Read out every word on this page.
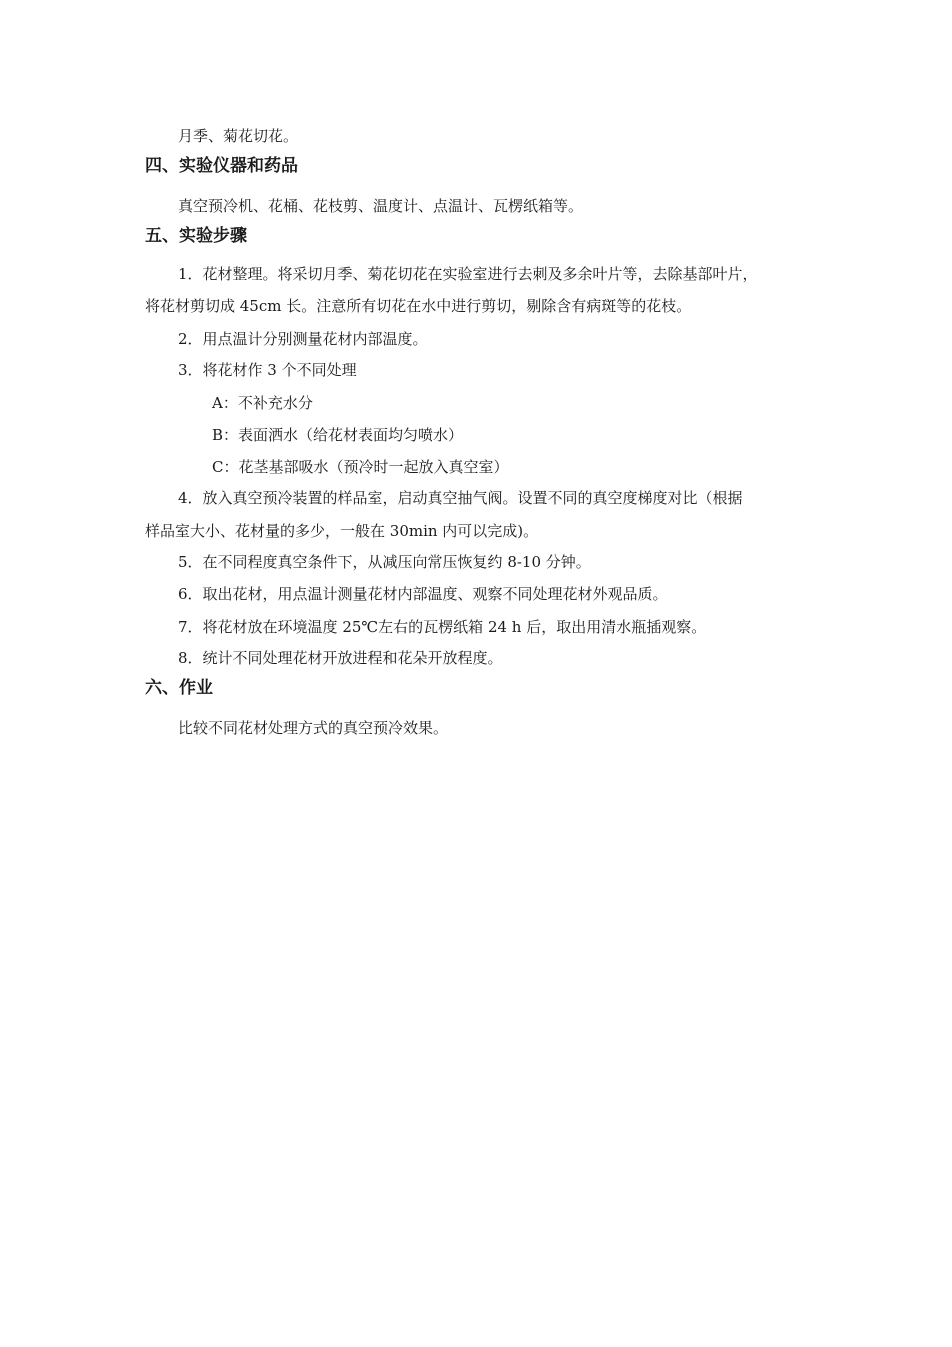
月季、菊花切花。
四、实验仪器和药品
真空预冷机、花桶、花枝剪、温度计、点温计、瓦楞纸箱等。
五、实验步骤
1．花材整理。将采切月季、菊花切花在实验室进行去刺及多余叶片等，去除基部叶片，
将花材剪切成 45cm 长。注意所有切花在水中进行剪切，剔除含有病斑等的花枝。
2．用点温计分别测量花材内部温度。
3．将花材作 3 个不同处理
A：不补充水分
B：表面洒水（给花材表面均匀喷水）
C：花茎基部吸水（预冷时一起放入真空室）
4．放入真空预冷装置的样品室，启动真空抽气阀。设置不同的真空度梯度对比（根据
样品室大小、花材量的多少，一般在 30min 内可以完成)。
5．在不同程度真空条件下，从减压向常压恢复约 8-10 分钟。
6．取出花材，用点温计测量花材内部温度、观察不同处理花材外观品质。
7．将花材放在环境温度 25℃左右的瓦楞纸箱 24 h 后，取出用清水瓶插观察。
8．统计不同处理花材开放进程和花朵开放程度。
六、作业
比较不同花材处理方式的真空预冷效果。
